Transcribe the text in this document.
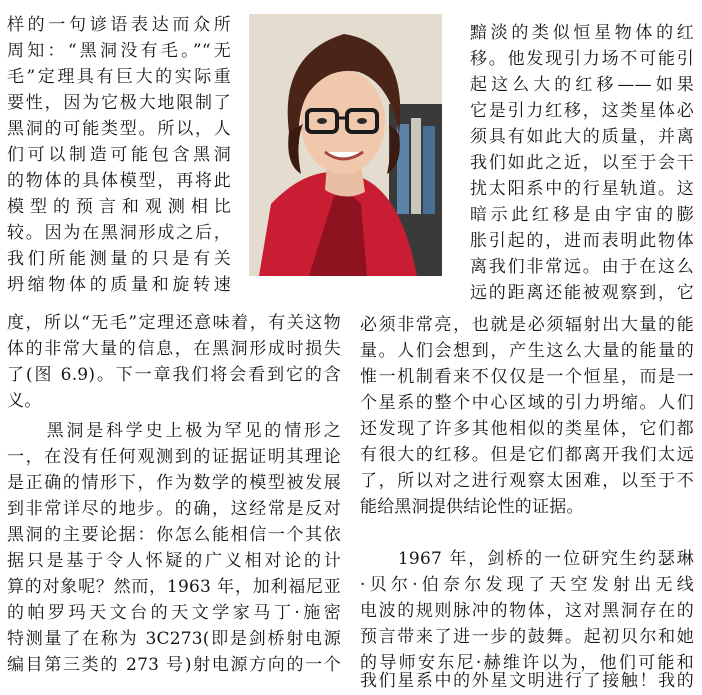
样的一句谚语表达而众所
周知：“黑洞没有毛。”“无
毛”定理具有巨大的实际重
要性，因为它极大地限制了
黑洞的可能类型。所以，人
们可以制造可能包含黑洞
的物体的具体模型，再将此
模型的预言和观测相比
较。因为在黑洞形成之后，
我们所能测量的只是有关
坍缩物体的质量和旋转速
度，所以“无毛”定理还意味着，有关这物
体的非常大量的信息，在黑洞形成时损失
了(图 6.9)。下一章我们将会看到它的含
义。
　　黑洞是科学史上极为罕见的情形之
一，在没有任何观测到的证据证明其理论
是正确的情形下，作为数学的模型被发展
到非常详尽的地步。的确，这经常是反对
黑洞的主要论据：你怎么能相信一个其依
据只是基于令人怀疑的广义相对论的计
算的对象呢？然而，1963 年，加利福尼亚
的帕罗玛天文台的天文学家马丁·施密
特测量了在称为 3C273(即是剑桥射电源
编目第三类的 273 号)射电源方向的一个
黯淡的类似恒星物体的红
移。他发现引力场不可能引
起这么大的红移——如果
它是引力红移，这类星体必
须具有如此大的质量，并离
我们如此之近，以至于会干
扰太阳系中的行星轨道。这
暗示此红移是由宇宙的膨
胀引起的，进而表明此物体
离我们非常远。由于在这么
远的距离还能被观察到，它
必须非常亮，也就是必须辐射出大量的能
量。人们会想到，产生这么大量的能量的
惟一机制看来不仅仅是一个恒星，而是一
个星系的整个中心区域的引力坍缩。人们
还发现了许多其他相似的类星体，它们都
有很大的红移。但是它们都离开我们太远
了，所以对之进行观察太困难，以至于不
能给黑洞提供结论性的证据。
　　1967 年，剑桥的一位研究生约瑟琳
·贝尔·伯奈尔发现了天空发射出无线
电波的规则脉冲的物体，这对黑洞存在的
预言带来了进一步的鼓舞。起初贝尔和她
的导师安东尼·赫维许以为，他们可能和
我们星系中的外星文明进行了接触！我的
